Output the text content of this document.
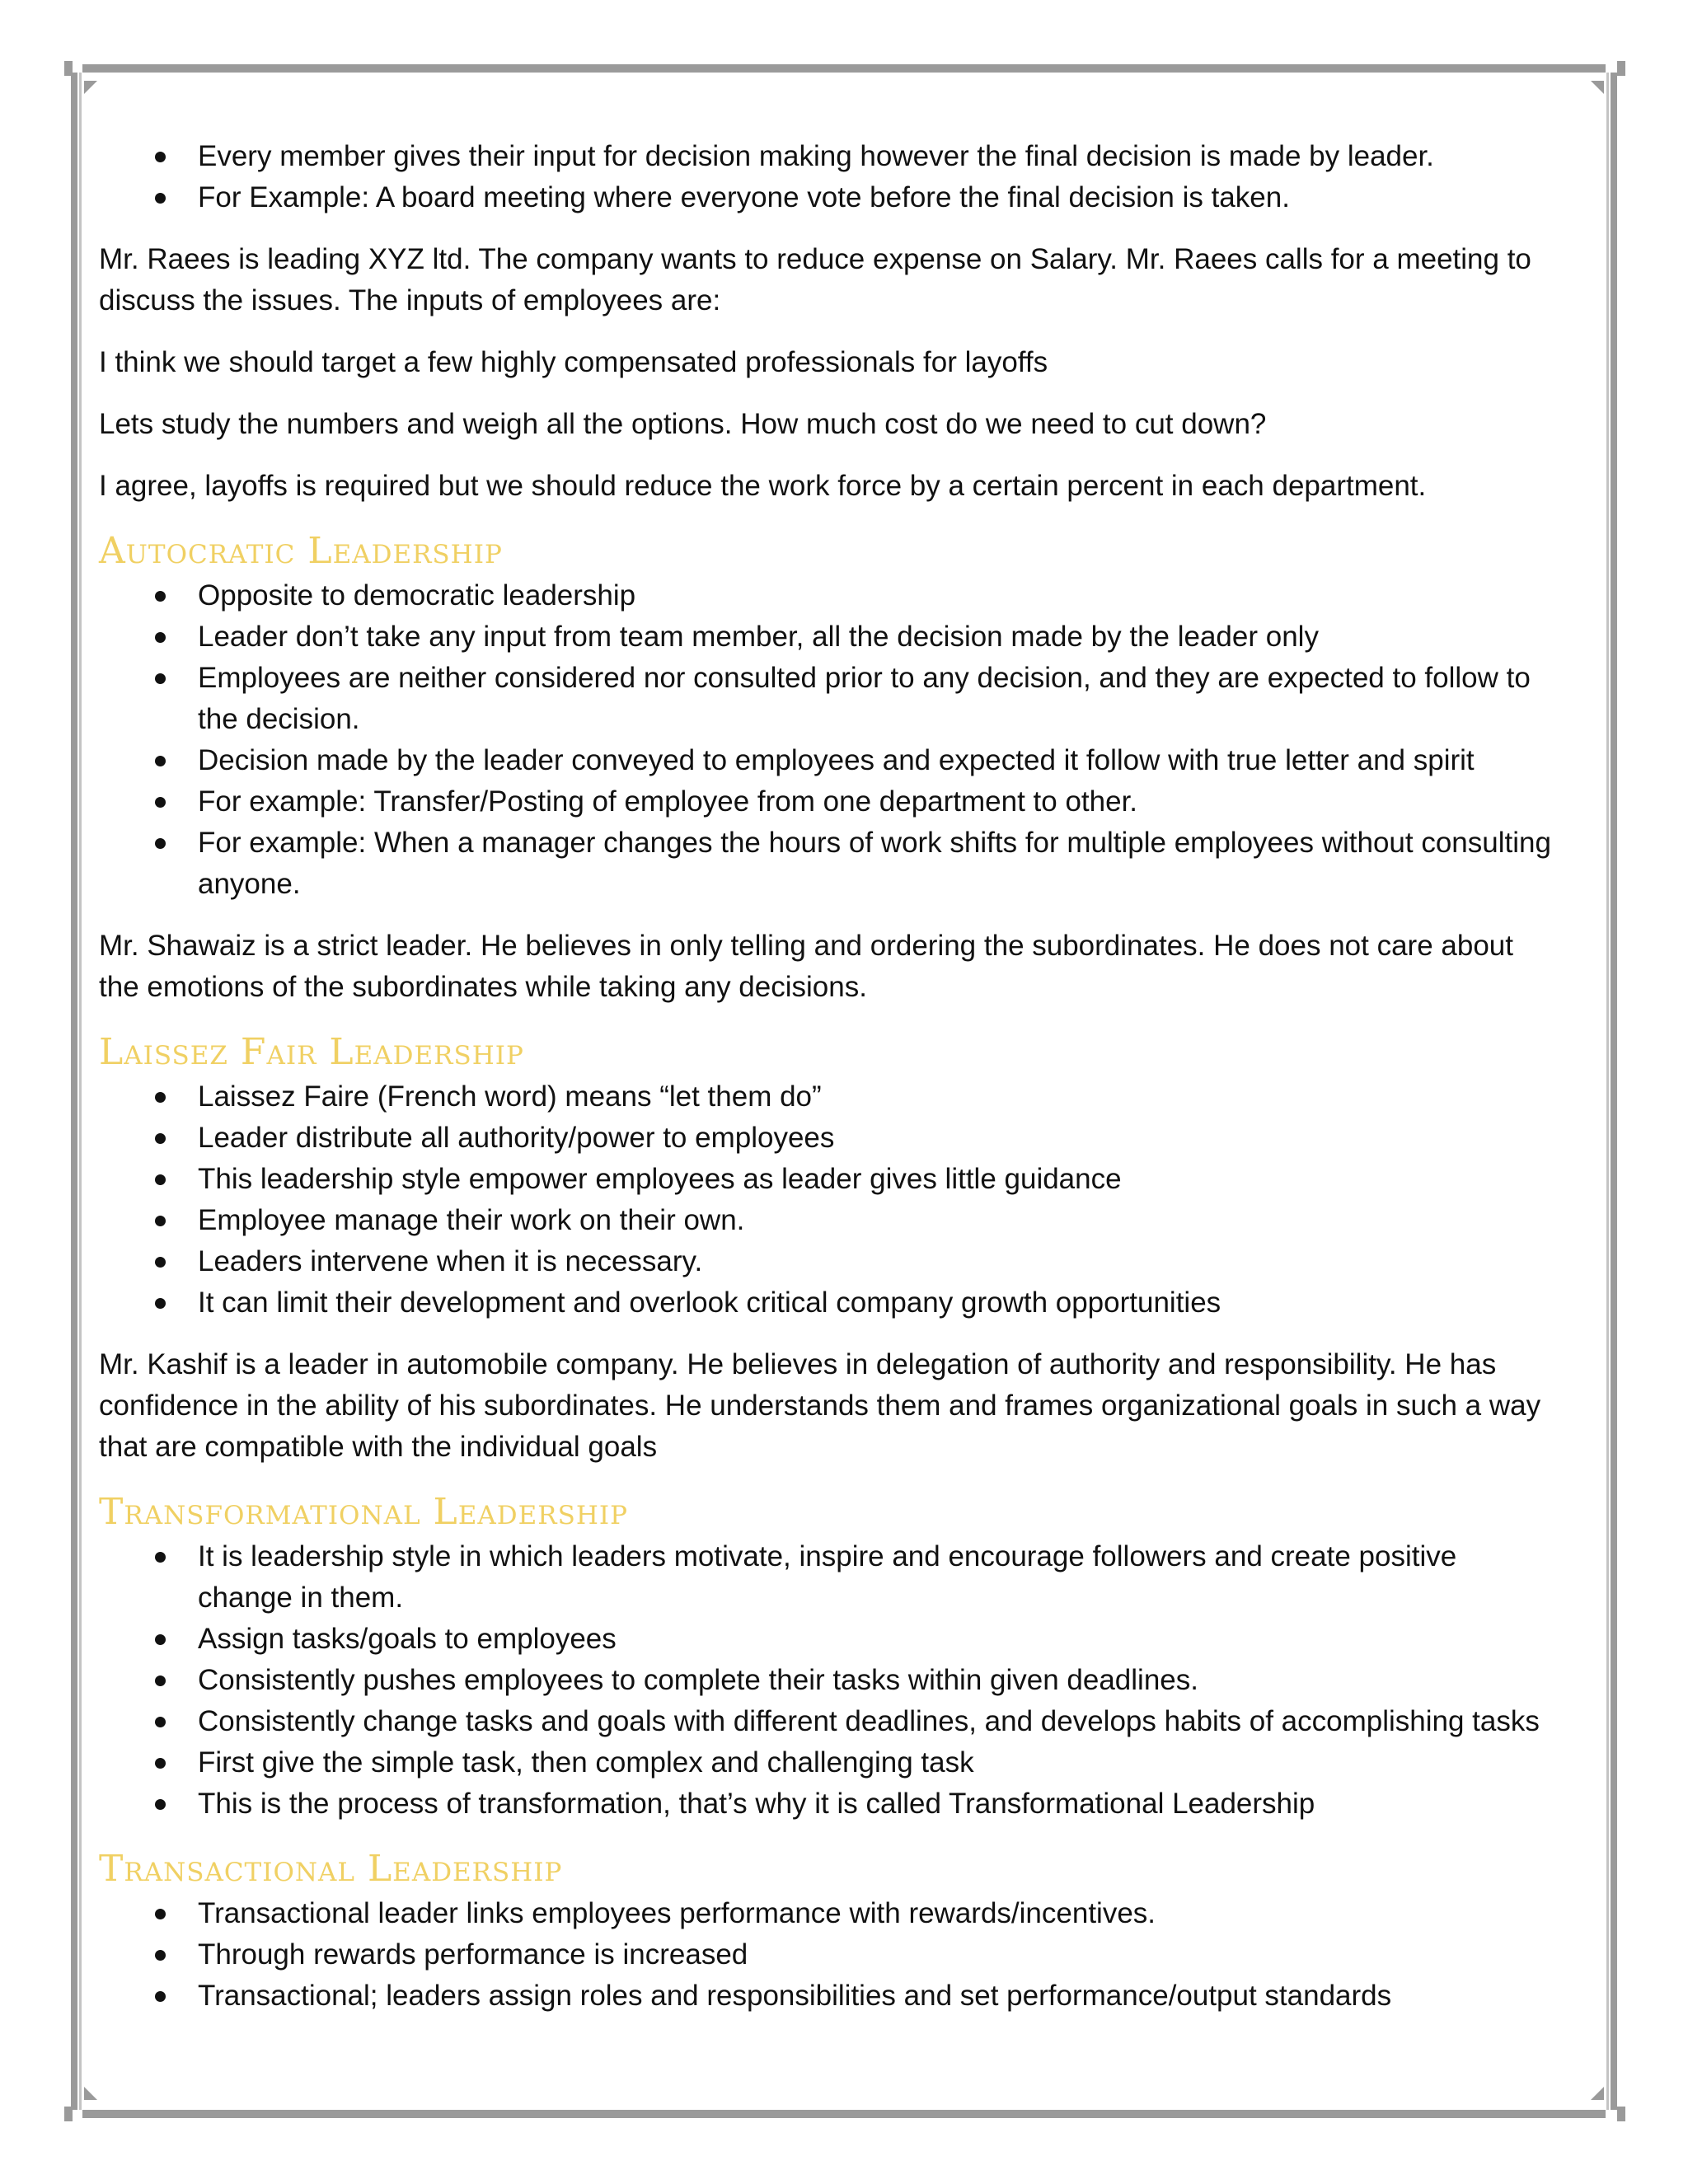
Every member gives their input for decision making however the final decision is made by leader.
For Example: A board meeting where everyone vote before the final decision is taken.

Mr. Raees is leading XYZ ltd. The company wants to reduce expense on Salary. Mr. Raees calls for a meeting to discuss the issues. The inputs of employees are:

I think we should target a few highly compensated professionals for layoffs

Lets study the numbers and weigh all the options. How much cost do we need to cut down?

I agree, layoffs is required but we should reduce the work force by a certain percent in each department.

Autocratic Leadership
Opposite to democratic leadership
Leader don’t take any input from team member, all the decision made by the leader only
Employees are neither considered nor consulted prior to any decision, and they are expected to follow to the decision.
Decision made by the leader conveyed to employees and expected it follow with true letter and spirit
For example: Transfer/Posting of employee from one department to other.
For example: When a manager changes the hours of work shifts for multiple employees without consulting anyone.

Mr. Shawaiz is a strict leader. He believes in only telling and ordering the subordinates. He does not care about the emotions of the subordinates while taking any decisions.

Laissez Fair Leadership
Laissez Faire (French word) means “let them do”
Leader distribute all authority/power to employees
This leadership style empower employees as leader gives little guidance
Employee manage their work on their own.
Leaders intervene when it is necessary.
It can limit their development and overlook critical company growth opportunities

Mr. Kashif is a leader in automobile company. He believes in delegation of authority and responsibility. He has confidence in the ability of his subordinates. He understands them and frames organizational goals in such a way that are compatible with the individual goals

Transformational Leadership
It is leadership style in which leaders motivate, inspire and encourage followers and create positive change in them.
Assign tasks/goals to employees
Consistently pushes employees to complete their tasks within given deadlines.
Consistently change tasks and goals with different deadlines, and develops habits of accomplishing tasks
First give the simple task, then complex and challenging task
This is the process of transformation, that’s why it is called Transformational Leadership
Transactional Leadership
Transactional leader links employees performance with rewards/incentives.
Through rewards performance is increased
Transactional; leaders assign roles and responsibilities and set performance/output standards
